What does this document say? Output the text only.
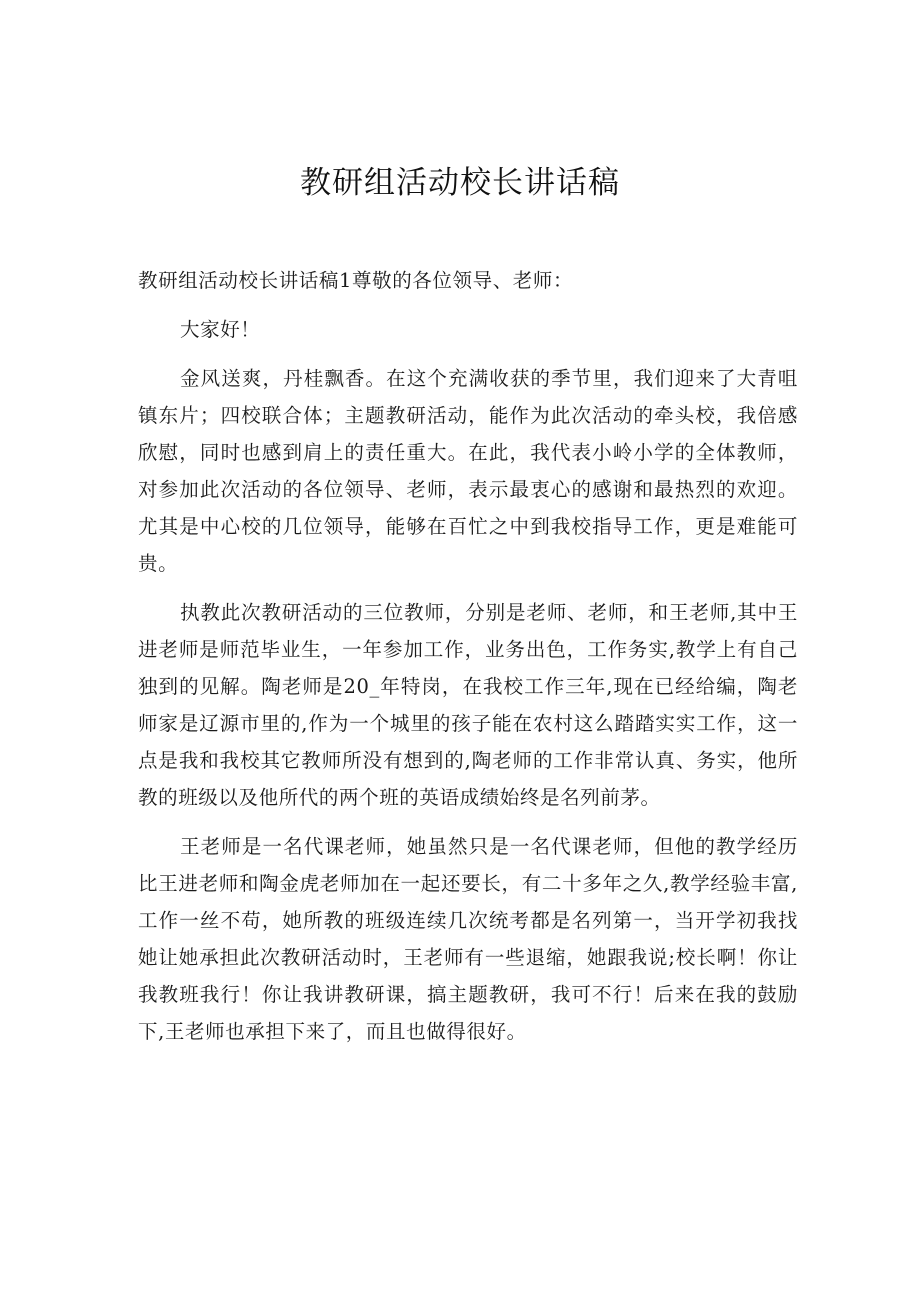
教研组活动校长讲话稿

教研组活动校长讲话稿1尊敬的各位领导、老师：

大家好！

金风送爽，丹桂飘香。在这个充满收获的季节里，我们迎来了大青咀镇东片；四校联合体；主题教研活动，能作为此次活动的牵头校，我倍感欣慰，同时也感到肩上的责任重大。在此，我代表小岭小学的全体教师，对参加此次活动的各位领导、老师，表示最衷心的感谢和最热烈的欢迎。尤其是中心校的几位领导，能够在百忙之中到我校指导工作，更是难能可贵。

执教此次教研活动的三位教师，分别是老师、老师，和王老师,其中王进老师是师范毕业生，一年参加工作，业务出色，工作务实,教学上有自己独到的见解。陶老师是20_年特岗，在我校工作三年,现在已经给编，陶老师家是辽源市里的,作为一个城里的孩子能在农村这么踏踏实实工作，这一点是我和我校其它教师所没有想到的,陶老师的工作非常认真、务实，他所教的班级以及他所代的两个班的英语成绩始终是名列前茅。

王老师是一名代课老师，她虽然只是一名代课老师，但他的教学经历比王进老师和陶金虎老师加在一起还要长，有二十多年之久,教学经验丰富,工作一丝不苟，她所教的班级连续几次统考都是名列第一，当开学初我找她让她承担此次教研活动时，王老师有一些退缩，她跟我说;校长啊！你让我教班我行！你让我讲教研课，搞主题教研，我可不行！后来在我的鼓励下,王老师也承担下来了，而且也做得很好。
